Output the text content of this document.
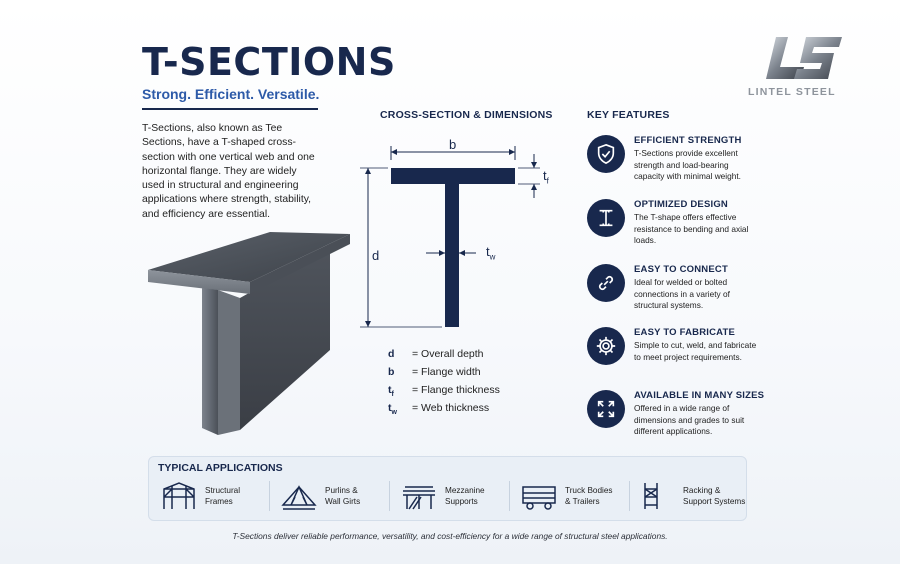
T-SECTIONS
Strong. Efficient. Versatile.
T-Sections, also known as Tee Sections, have a T-shaped cross-section with one vertical web and one horizontal flange. They are widely used in structural and engineering applications where strength, stability, and efficiency are essential.
LINTEL STEEL
CROSS-SECTION & DIMENSIONS
b
d
$t_f$
$t_w$
d	= Overall depth
b	= Flange width
$t_f$	= Flange thickness
$t_w$	= Web thickness
KEY FEATURES
EFFICIENT STRENGTH
T-Sections provide excellent strength and load-bearing capacity with minimal weight.
OPTIMIZED DESIGN
The T-shape offers effective resistance to bending and axial loads.
EASY TO CONNECT
Ideal for welded or bolted connections in a variety of structural systems.
EASY TO FABRICATE
Simple to cut, weld, and fabricate to meet project requirements.
AVAILABLE IN MANY SIZES
Offered in a wide range of dimensions and grades to suit different applications.
TYPICAL APPLICATIONS
Structural
Frames
Purlins &
Wall Girts
Mezzanine
Supports
Truck Bodies
& Trailers
Racking &
Support Systems
T-Sections deliver reliable performance, versatility, and cost-efficiency for a wide range of structural steel applications.
